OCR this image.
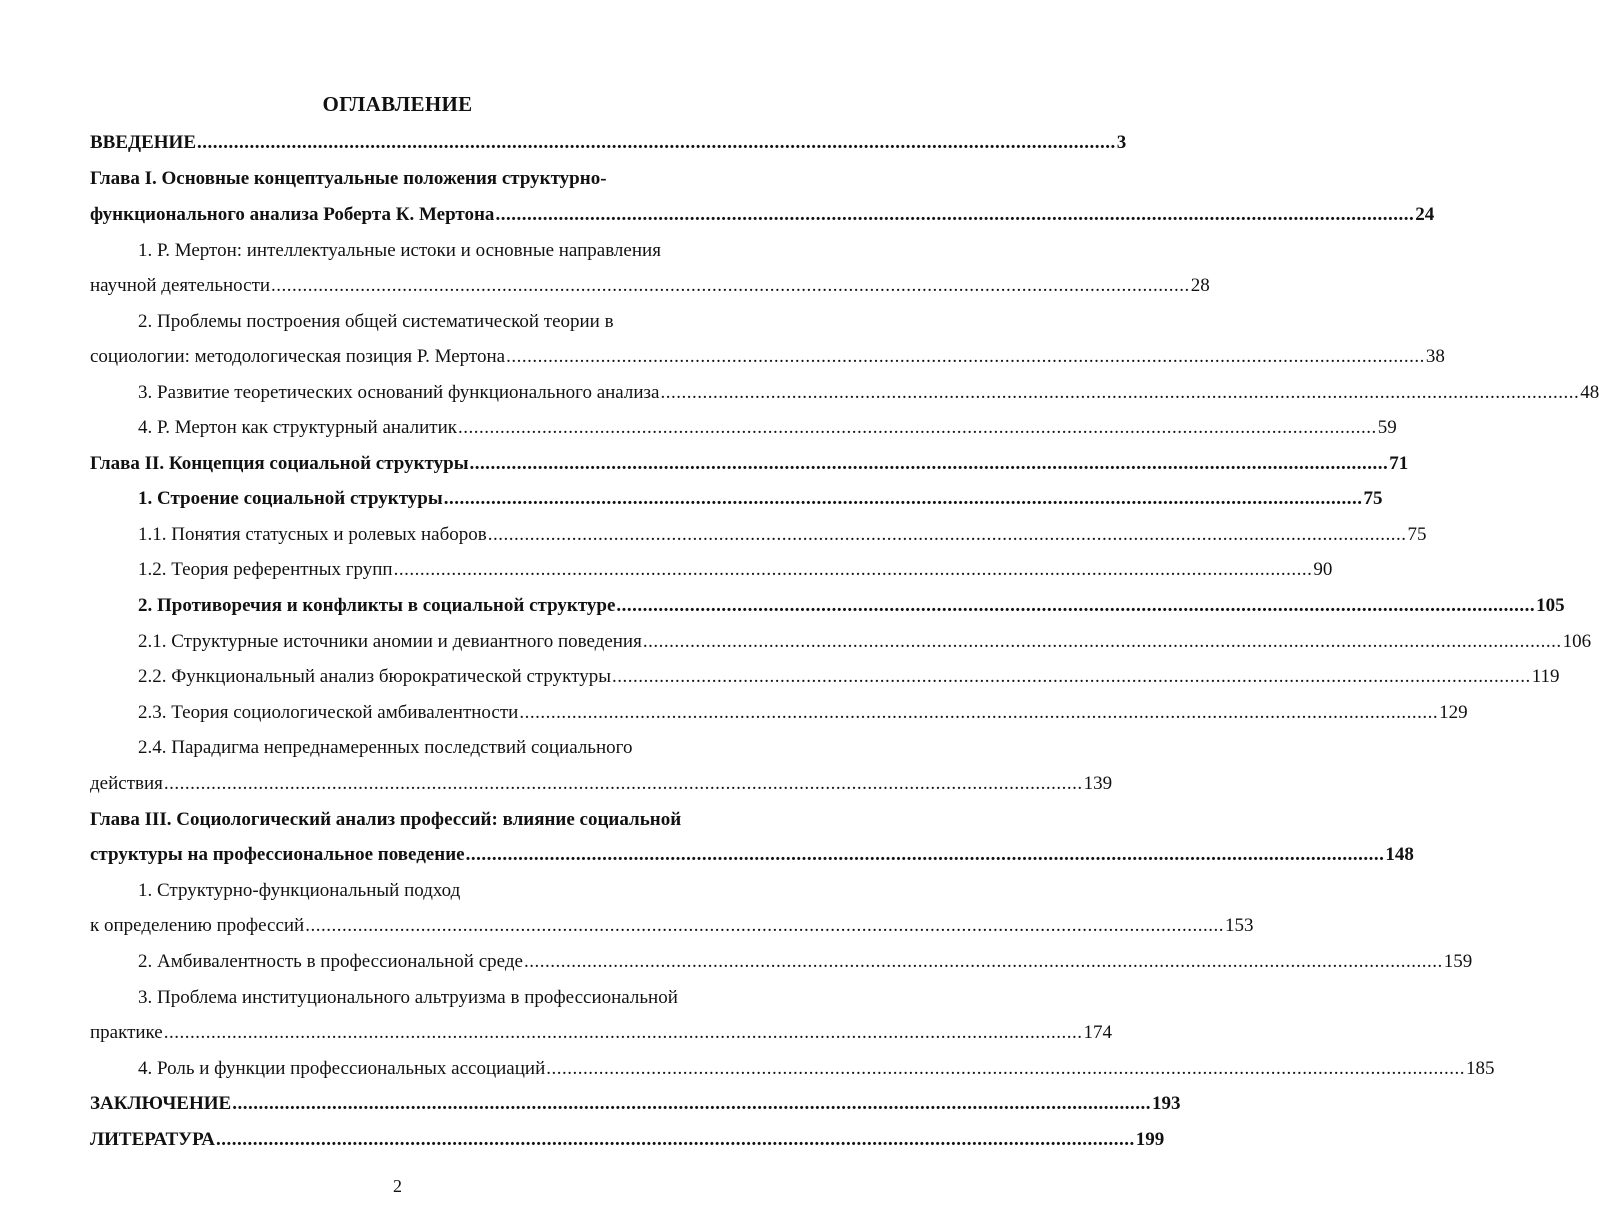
ОГЛАВЛЕНИЕ
ВВЕДЕНИЕ ............................................................................................................................................................................... 3
Глава I. Основные концептуальные положения структурно-
функционального анализа Роберта К. Мертона ............................................................................................................................................................................... 24
1. Р. Мертон: интеллектуальные истоки и основные направления
научной деятельности ............................................................................................................................................................................... 28
2. Проблемы построения общей систематической теории в
социологии: методологическая позиция Р. Мертона ............................................................................................................................................................................... 38
3. Развитие теоретических оснований функционального анализа ............................................................................................................................................................................... 48
4. Р. Мертон как структурный аналитик ............................................................................................................................................................................... 59
Глава II. Концепция социальной структуры ............................................................................................................................................................................... 71
1. Строение социальной структуры ............................................................................................................................................................................... 75
1.1. Понятия статусных и ролевых наборов ............................................................................................................................................................................... 75
1.2. Теория референтных групп ............................................................................................................................................................................... 90
2. Противоречия и конфликты в социальной структуре ............................................................................................................................................................................... 105
2.1. Структурные источники аномии и девиантного поведения ............................................................................................................................................................................... 106
2.2. Функциональный анализ бюрократической структуры ............................................................................................................................................................................... 119
2.3. Теория социологической амбивалентности ............................................................................................................................................................................... 129
2.4. Парадигма непреднамеренных последствий социального
действия ............................................................................................................................................................................... 139
Глава III. Социологический анализ профессий: влияние социальной
структуры на профессиональное поведение ............................................................................................................................................................................... 148
1. Структурно-функциональный подход
к определению профессий ............................................................................................................................................................................... 153
2. Амбивалентность в профессиональной среде ............................................................................................................................................................................... 159
3. Проблема институционального альтруизма в профессиональной
практике ............................................................................................................................................................................... 174
4. Роль и функции профессиональных ассоциаций ............................................................................................................................................................................... 185
ЗАКЛЮЧЕНИЕ ............................................................................................................................................................................... 193
ЛИТЕРАТУРА ............................................................................................................................................................................... 199
2
